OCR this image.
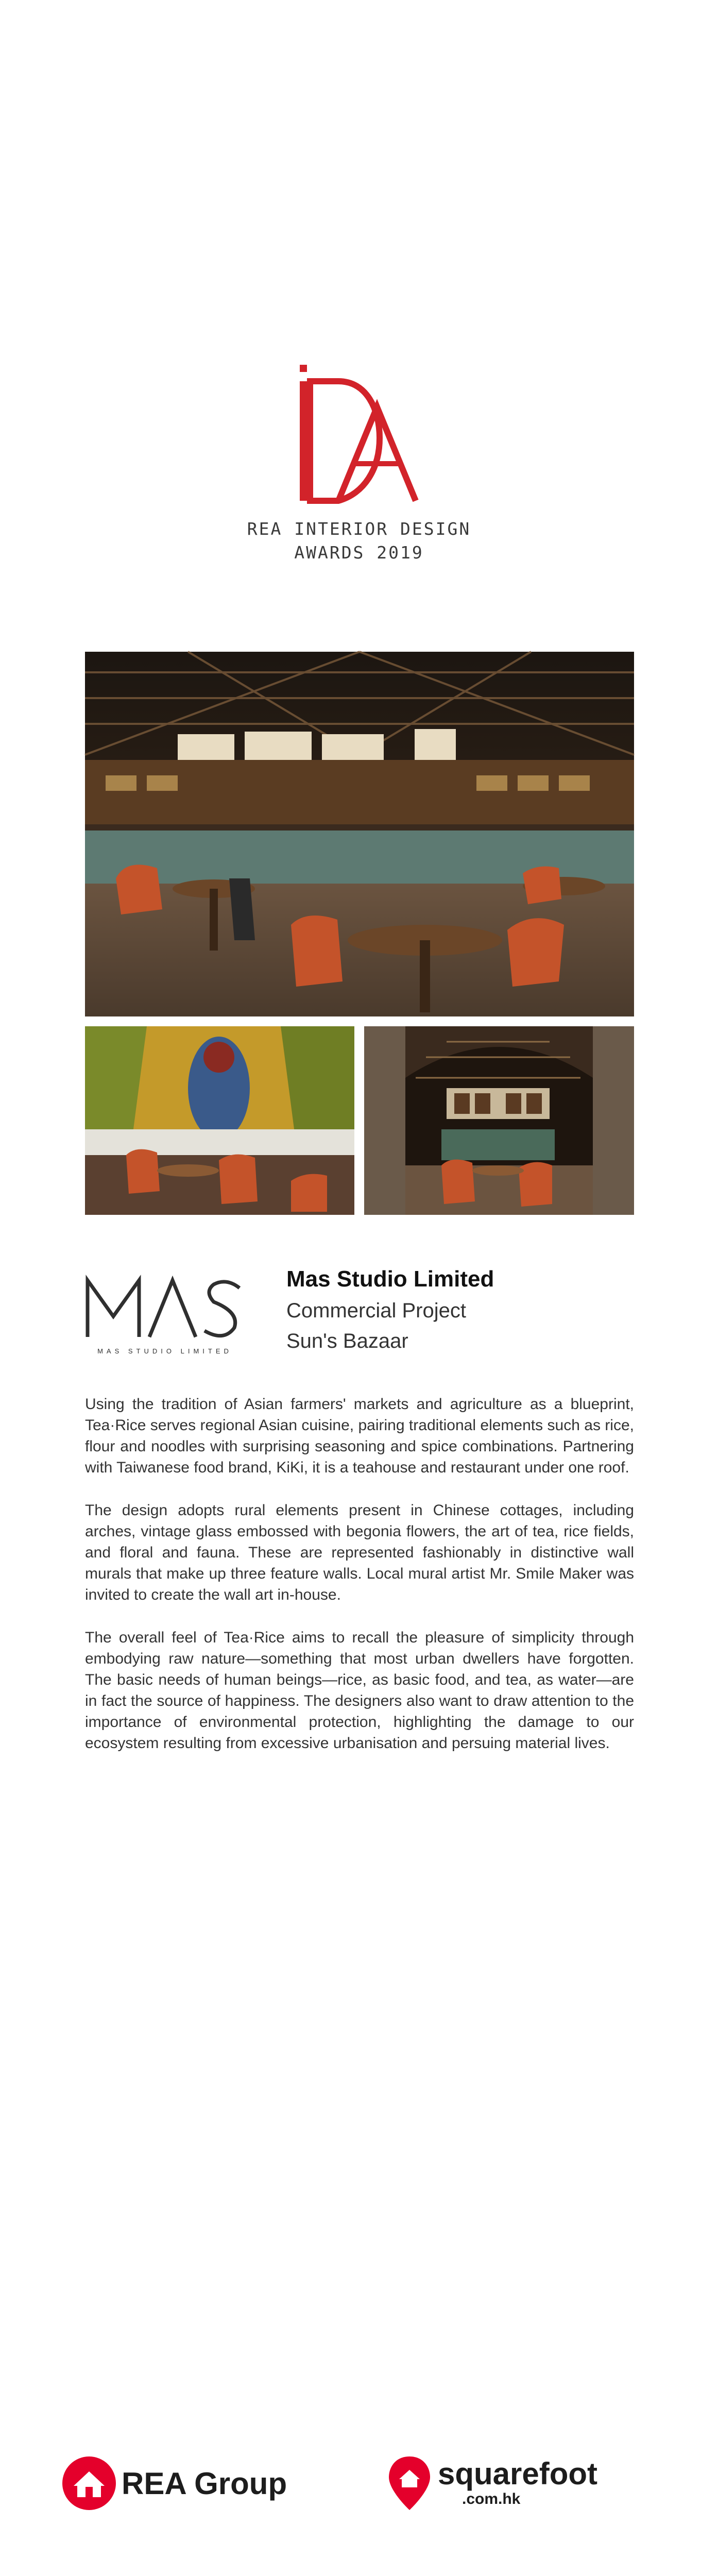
REA INTERIOR DESIGN
AWARDS 2019
MAS STUDIO LIMITED
Mas Studio Limited
Commercial Project
Sun's Bazaar

Using the tradition of Asian farmers' markets and agriculture as a blueprint, Tea·Rice serves regional Asian cuisine, pairing traditional elements such as rice, flour and noodles with surprising seasoning and spice combinations. Partnering with Taiwanese food brand, KiKi, it is a teahouse and restaurant under one roof.

The design adopts rural elements present in Chinese cottages, including arches, vintage glass embossed with begonia flowers, the art of tea, rice fields, and floral and fauna. These are represented fashionably in distinctive wall murals that make up three feature walls. Local mural artist Mr. Smile Maker was invited to create the wall art in-house.

The overall feel of Tea·Rice aims to recall the pleasure of simplicity through embodying raw nature—something that most urban dwellers have forgotten. The basic needs of human beings—rice, as basic food, and tea, as water—are in fact the source of happiness. The designers also want to draw attention to the importance of environmental protection, highlighting the damage to our ecosystem resulting from excessive urbanisation and persuing material lives.

REA Group	squarefoot
.com.hk
